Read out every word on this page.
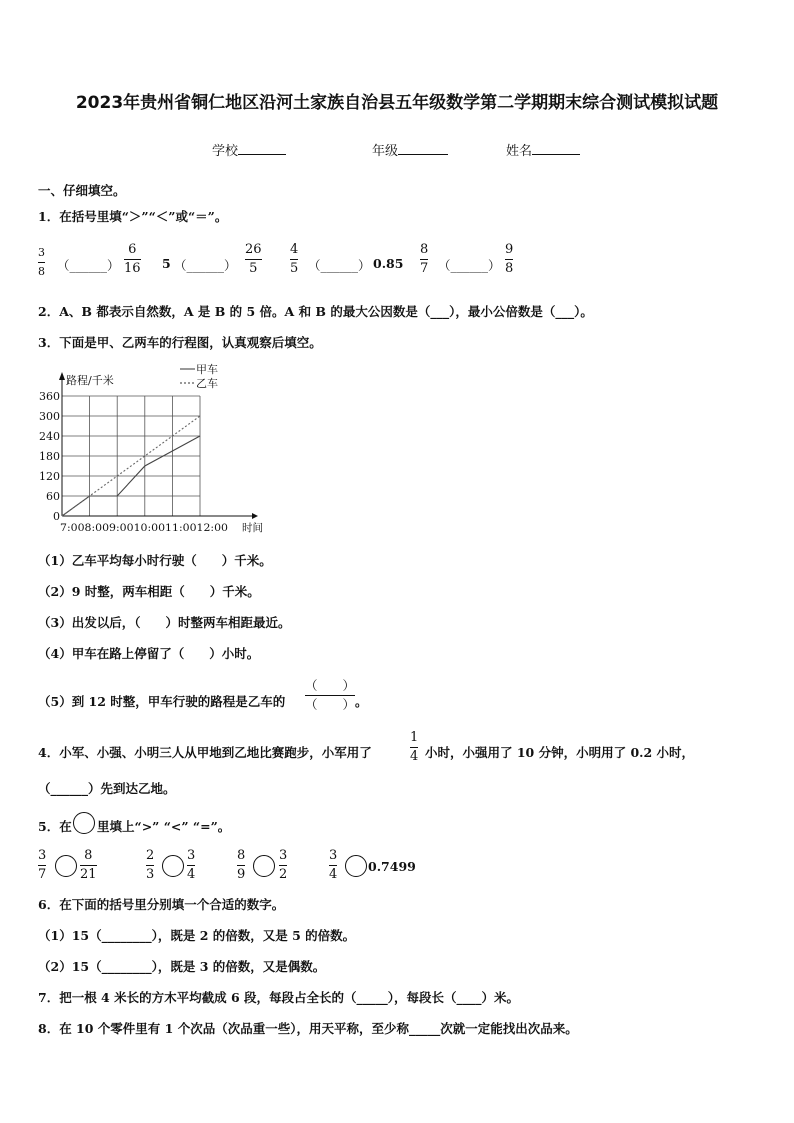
2023年贵州省铜仁地区沿河土家族自治县五年级数学第二学期期末综合测试模拟试题
学校	年级	姓名
一、仔细填空。
1．在括号里填“＞”“＜”或“＝”。
3
8 （______）
6
16 5 （______）
26
5
4
5 （______） 0.85
8
7 （______）
9
8
2．A、B 都表示自然数，A 是 B 的 5 倍。A 和 B 的最大公因数是（___），最小公倍数是（___）。
3．下面是甲、乙两车的行程图，认真观察后填空。
0
60
120
180
240
300
360
7:008:009:0010:0011:0012:00 时间
路程/千米
甲车
乙车
（1）乙车平均每小时行驶（　　）千米。
（2）9 时整，两车相距（　　）千米。
（3）出发以后，（　　）时整两车相距最近。
（4）甲车在路上停留了（　　）小时。
（5）到 12 时整，甲车行驶的路程是乙车的
（　　）
（　　） 。
4．小军、小强、小明三人从甲地到乙地比赛跑步，小军用了
1
4 小时，小强用了 10 分钟，小明用了 0.2 小时，
（______）先到达乙地。
5．在 里填上“>” “<” “=”。
3
7
8
21
2
3
3
4
8
9
3
2
3
4
0.7499
6．在下面的括号里分别填一个合适的数字。
（1）15（________），既是 2 的倍数，又是 5 的倍数。
（2）15（________），既是 3 的倍数，又是偶数。
7．把一根 4 米长的方木平均截成 6 段，每段占全长的（_____），每段长（____）米。
8．在 10 个零件里有 1 个次品（次品重一些），用天平称，至少称_____次就一定能找出次品来。
